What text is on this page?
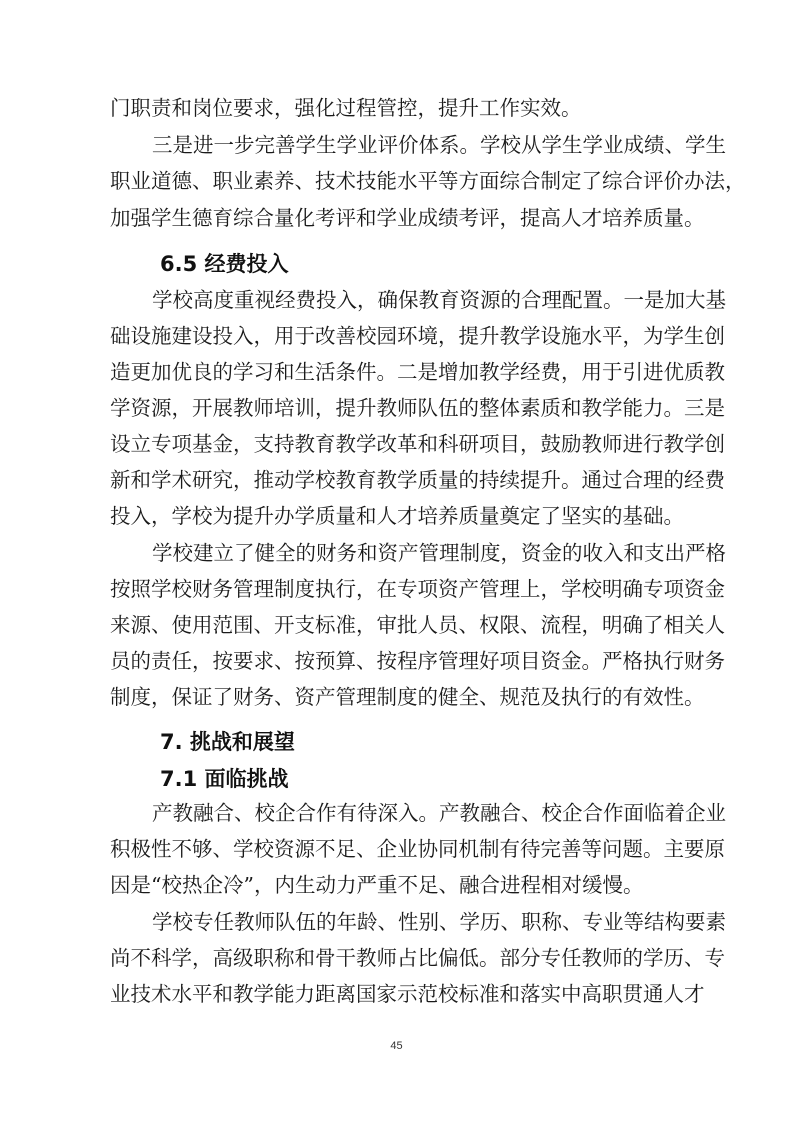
门职责和岗位要求，强化过程管控，提升工作实效。
三是进一步完善学生学业评价体系。学校从学生学业成绩、学生
职业道德、职业素养、技术技能水平等方面综合制定了综合评价办法，
加强学生德育综合量化考评和学业成绩考评，提高人才培养质量。
6.5 经费投入
学校高度重视经费投入，确保教育资源的合理配置。一是加大基
础设施建设投入，用于改善校园环境，提升教学设施水平，为学生创
造更加优良的学习和生活条件。二是增加教学经费，用于引进优质教
学资源，开展教师培训，提升教师队伍的整体素质和教学能力。三是
设立专项基金，支持教育教学改革和科研项目，鼓励教师进行教学创
新和学术研究，推动学校教育教学质量的持续提升。通过合理的经费
投入，学校为提升办学质量和人才培养质量奠定了坚实的基础。
学校建立了健全的财务和资产管理制度，资金的收入和支出严格
按照学校财务管理制度执行，在专项资产管理上，学校明确专项资金
来源、使用范围、开支标准，审批人员、权限、流程，明确了相关人
员的责任，按要求、按预算、按程序管理好项目资金。严格执行财务
制度，保证了财务、资产管理制度的健全、规范及执行的有效性。
7. 挑战和展望
7.1 面临挑战
产教融合、校企合作有待深入。产教融合、校企合作面临着企业
积极性不够、学校资源不足、企业协同机制有待完善等问题。主要原
因是“校热企冷”，内生动力严重不足、融合进程相对缓慢。
学校专任教师队伍的年龄、性别、学历、职称、专业等结构要素
尚不科学，高级职称和骨干教师占比偏低。部分专任教师的学历、专
业技术水平和教学能力距离国家示范校标准和落实中高职贯通人才
45
